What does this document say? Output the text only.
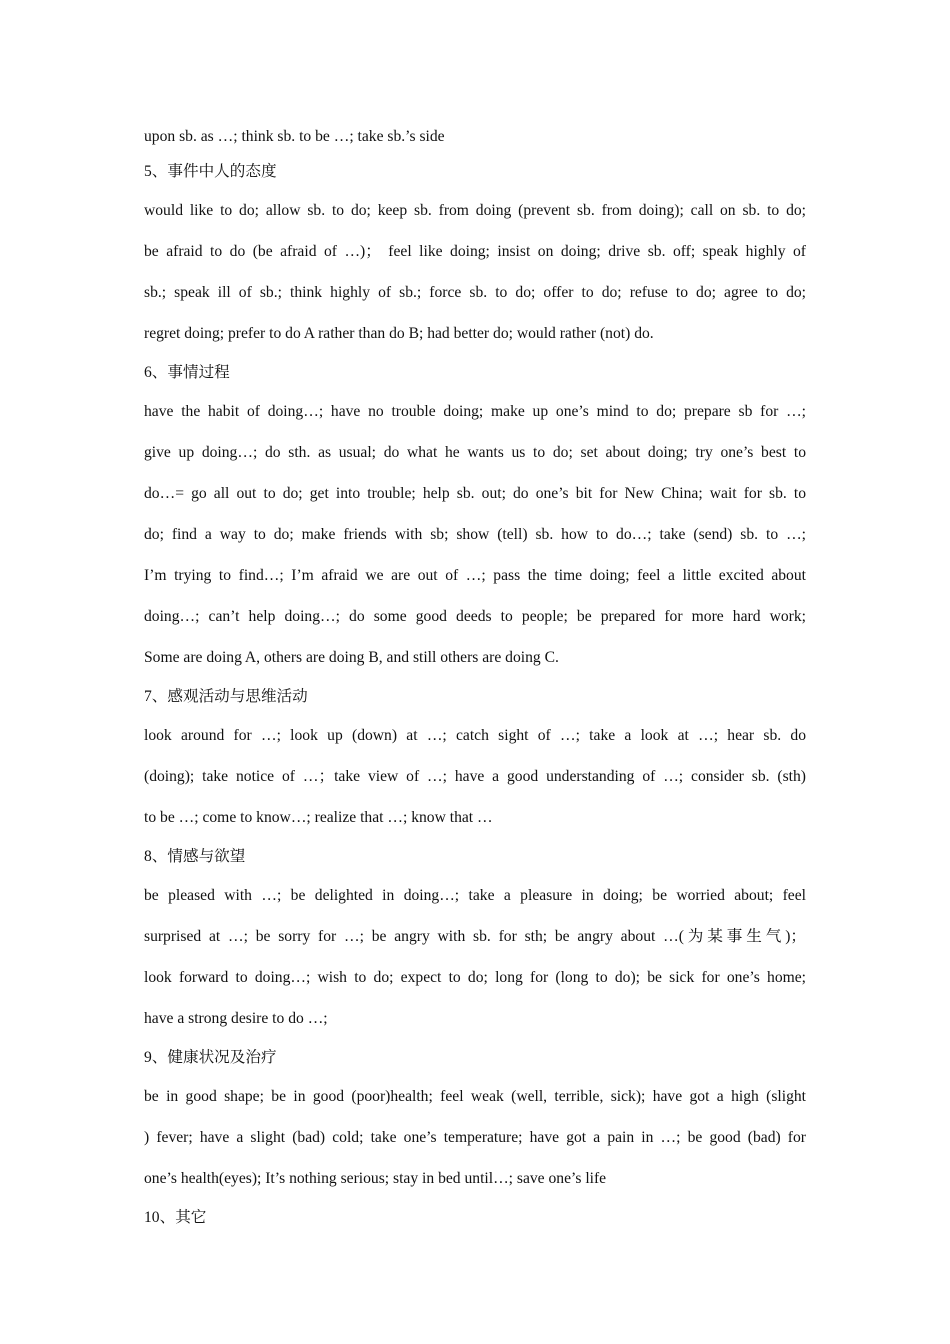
upon sb. as …; think sb. to be …; take sb.’s side
5、事件中人的态度
would like to do; allow sb. to do; keep sb. from doing (prevent sb. from doing); call on sb. to do;
be afraid to do (be afraid of …)； feel like doing; insist on doing; drive sb. off; speak highly of
sb.; speak ill of sb.; think highly of sb.; force sb. to do; offer to do; refuse to do; agree to do;
regret doing; prefer to do A rather than do B; had better do; would rather (not) do.
6、事情过程
have the habit of doing…; have no trouble doing; make up one’s mind to do; prepare sb for …;
give up doing…; do sth. as usual; do what he wants us to do; set about doing; try one’s best to
do…= go all out to do; get into trouble; help sb. out; do one’s bit for New China; wait for sb. to
do; find a way to do; make friends with sb; show (tell) sb. how to do…; take (send) sb. to …;
I’m trying to find…; I’m afraid we are out of …; pass the time doing; feel a little excited about
doing…; can’t help doing…; do some good deeds to people; be prepared for more hard work;
Some are doing A, others are doing B, and still others are doing C.
7、感观活动与思维活动
look around for …; look up (down) at …; catch sight of …; take a look at …; hear sb. do
(doing); take notice of …；take view of …; have a good understanding of …; consider sb. (sth)
to be …; come to know…; realize that …; know that …
8、情感与欲望
be pleased with …; be delighted in doing…; take a pleasure in doing; be worried about; feel
surprised at …; be sorry for …; be angry with sb. for sth; be angry about …(为某事生气)；
look forward to doing…; wish to do; expect to do; long for (long to do); be sick for one’s home;
have a strong desire to do …;
9、健康状况及治疗
be in good shape; be in good (poor)health; feel weak (well, terrible, sick); have got a high (slight
) fever; have a slight (bad) cold; take one’s temperature; have got a pain in …; be good (bad) for
one’s health(eyes); It’s nothing serious; stay in bed until…; save one’s life
10、其它
